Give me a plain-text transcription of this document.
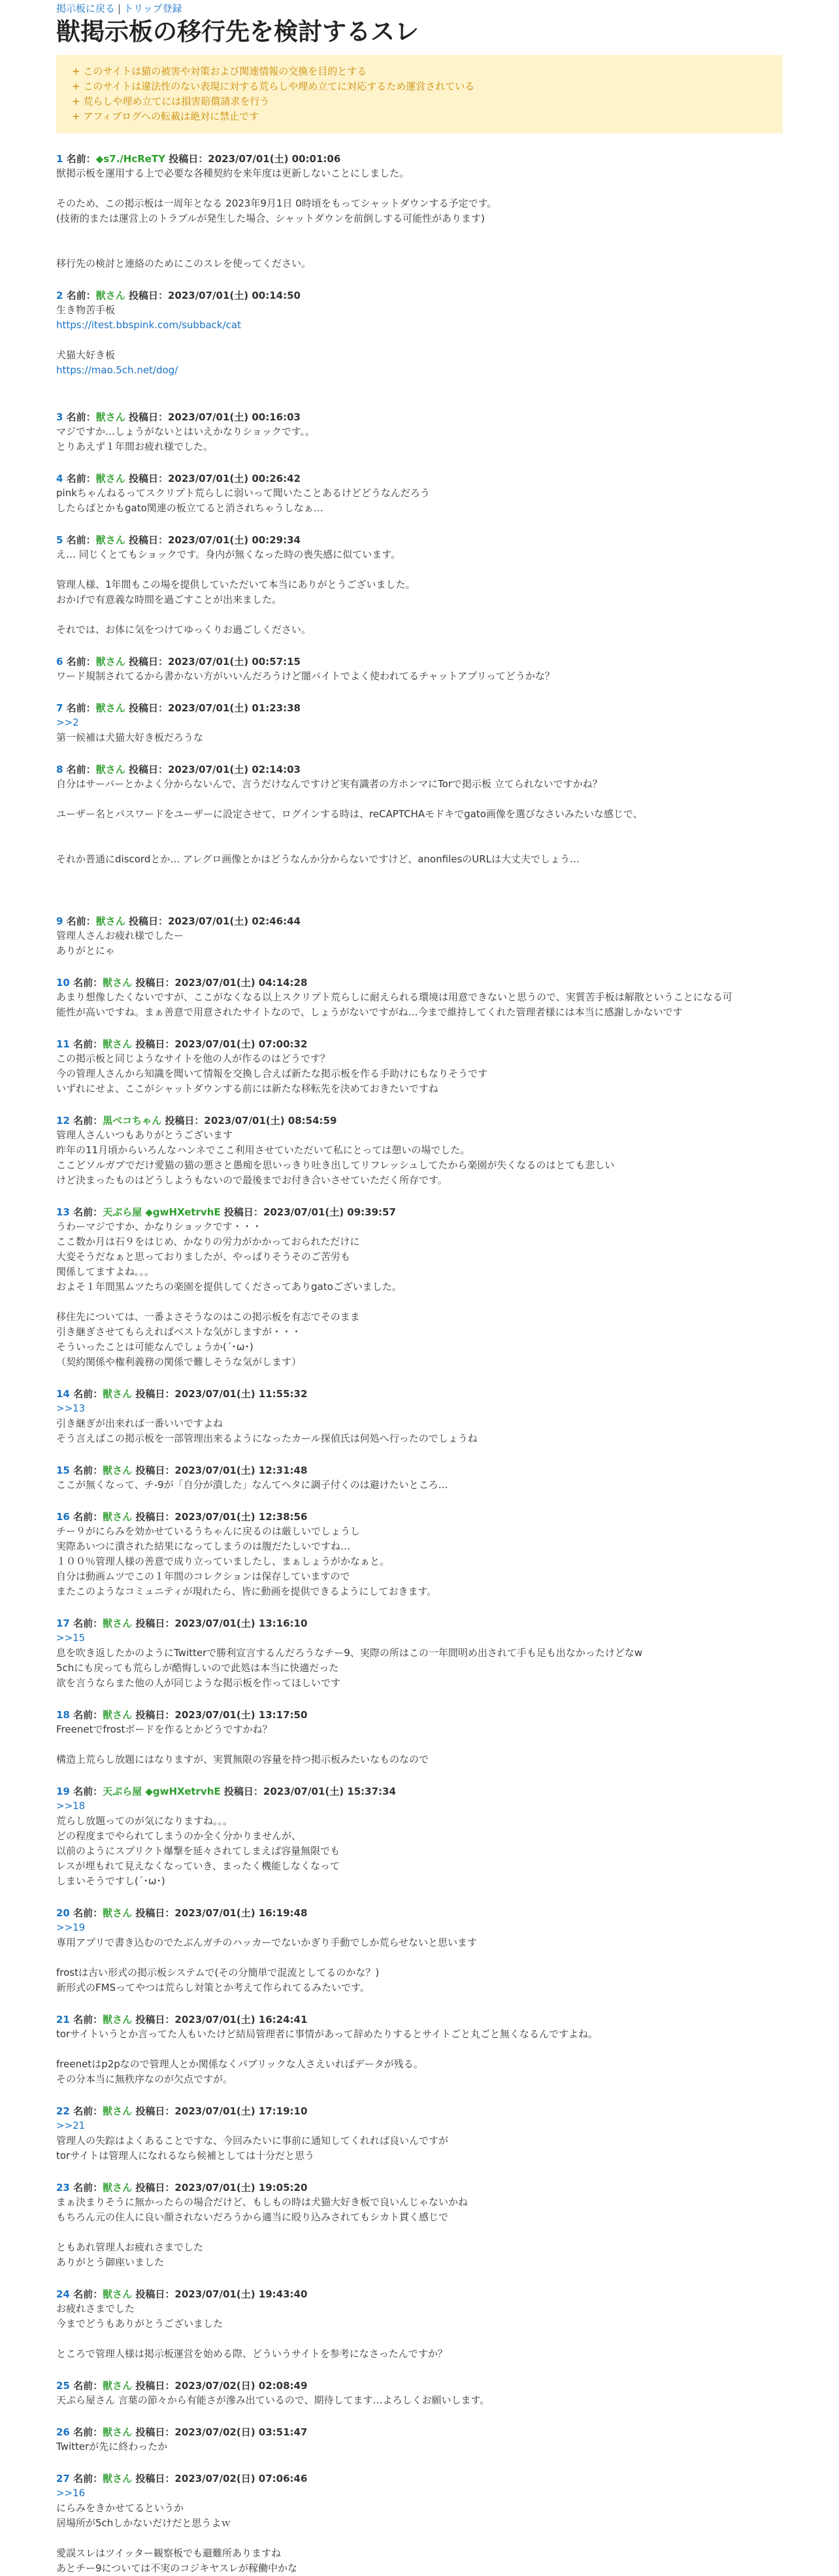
掲示板に戻る | トリップ登録
獣掲示板の移行先を検討するスレ
+ このサイトは猫の被害や対策および関連情報の交換を目的とする
+ このサイトは違法性のない表現に対する荒らしや埋め立てに対応するため運営されている
+ 荒らしや埋め立てには損害賠償請求を行う
+ アフィブログへの転載は絶対に禁止です
1 名前：◆s7./HcReTY 投稿日：2023/07/01(土) 00:01:06
獣掲示板を運用する上で必要な各種契約を来年度は更新しないことにしました。
そのため、この掲示板は一周年となる 2023年9月1日 0時頃をもってシャットダウンする予定です。
(技術的または運営上のトラブルが発生した場合、シャットダウンを前倒しする可能性があります)
移行先の検討と連絡のためにこのスレを使ってください。
2 名前：獣さん 投稿日：2023/07/01(土) 00:14:50
生き物苦手板
https://itest.bbspink.com/subback/cat
犬猫大好き板
https://mao.5ch.net/dog/
3 名前：獣さん 投稿日：2023/07/01(土) 00:16:03
マジですか…しょうがないとはいえかなりショックです。。
とりあえず１年間お疲れ様でした。
4 名前：獣さん 投稿日：2023/07/01(土) 00:26:42
pinkちゃんねるってスクリプト荒らしに弱いって聞いたことあるけどどうなんだろう
したらばとかもgato関連の板立てると消されちゃうしなぁ…
5 名前：獣さん 投稿日：2023/07/01(土) 00:29:34
え… 同じくとてもショックです。身内が無くなった時の喪失感に似ています。
管理人様、1年間もこの場を提供していただいて本当にありがとうございました。
おかげで有意義な時間を過ごすことが出来ました。
それでは、お体に気をつけてゆっくりお過ごしください。
6 名前：獣さん 投稿日：2023/07/01(土) 00:57:15
ワード規制されてるから書かない方がいいんだろうけど闇バイトでよく使われてるチャットアプリってどうかな？
7 名前：獣さん 投稿日：2023/07/01(土) 01:23:38
>>2
第一候補は犬猫大好き板だろうな
8 名前：獣さん 投稿日：2023/07/01(土) 02:14:03
自分はサーバーとかよく分からないんで、言うだけなんですけど実有識者の方ホンマにTorで掲示板 立てられないですかね？
ユーザー名とパスワードをユーザーに設定させて、ログインする時は、reCAPTCHAモドキでgato画像を選びなさいみたいな感じで、
それか普通にdiscordとか… アレグロ画像とかはどうなんか分からないですけど、anonfilesのURLは大丈夫でしょう…
9 名前：獣さん 投稿日：2023/07/01(土) 02:46:44
管理人さんお疲れ様でしたー
ありがとにゃ
10 名前：獣さん 投稿日：2023/07/01(土) 04:14:28
あまり想像したくないですが、ここがなくなる以上スクリプト荒らしに耐えられる環境は用意できないと思うので、実質苦手板は解散ということになる可
能性が高いですね。まぁ善意で用意されたサイトなので、しょうがないですがね…今まで維持してくれた管理者様には本当に感謝しかないです
11 名前：獣さん 投稿日：2023/07/01(土) 07:00:32
この掲示板と同じようなサイトを他の人が作るのはどうです？
今の管理人さんから知識を聞いて情報を交換し合えば新たな掲示板を作る手助けにもなりそうです
いずれにせよ、ここがシャットダウンする前には新たな移転先を決めておきたいですね
12 名前：黒ベコちゃん 投稿日：2023/07/01(土) 08:54:59
管理人さんいつもありがとうございます
昨年の11月頃からいろんなハンネでここ利用させていただいて私にとっては憩いの場でした。
ここどソルガブでだけ愛猫の猫の悪さと愚痴を思いっきり吐き出してリフレッシュしてたから楽園が失くなるのはとても悲しい
けど決まったものはどうしようもないので最後までお付き合いさせていただく所存です。
13 名前：天ぷら屋 ◆gwHXetrvhE 投稿日：2023/07/01(土) 09:39:57
うわーマジですか、かなりショックです・・・
ここ数か月は石９をはじめ、かなりの労力がかかっておられただけに
大変そうだなぁと思っておりましたが、やっぱりそうそのご苦労も
関係してますよね。。。
およそ１年間黒ムツたちの楽園を提供してくださってありgatoございました。
移住先については、一番よさそうなのはこの掲示板を有志でそのまま
引き継ぎさせてもらえればベストな気がしますが・・・
そういったことは可能なんでしょうか(´･ω･)
（契約関係や権利義務の関係で難しそうな気がします）
14 名前：獣さん 投稿日：2023/07/01(土) 11:55:32
>>13
引き継ぎが出来れば一番いいですよね
そう言えばこの掲示板を一部管理出来るようになったカール探偵氏は何処へ行ったのでしょうね
15 名前：獣さん 投稿日：2023/07/01(土) 12:31:48
ここが無くなって、チ-9が「自分が潰した」なんてヘタに調子付くのは避けたいところ…
16 名前：獣さん 投稿日：2023/07/01(土) 12:38:56
チー９がにらみを効かせているうちゃんに戻るのは厳しいでしょうし
実際あいつに潰された結果になってしまうのは腹だたしいですね…
１００％管理人様の善意で成り立っていましたし、まぁしょうがかなぁと。
自分は動画ムツでこの１年間のコレクションは保存していますので
またこのようなコミュニティが現れたら、皆に動画を提供できるようにしておきます。
17 名前：獣さん 投稿日：2023/07/01(土) 13:16:10
>>15
息を吹き返したかのようにTwitterで勝利宣言するんだろうなチー9、実際の所はこの一年間明め出されて手も足も出なかったけどなw
5chにも戻っても荒らしが酷悔しいので此処は本当に快適だった
欲を言うならまた他の人が同じような掲示板を作ってほしいです
18 名前：獣さん 投稿日：2023/07/01(土) 13:17:50
Freenetでfrostボードを作るとかどうですかね？
構造上荒らし放題にはなりますが、実質無限の容量を持つ掲示板みたいなものなので
19 名前：天ぷら屋 ◆gwHXetrvhE 投稿日：2023/07/01(土) 15:37:34
>>18
荒らし放題ってのが気になりますね。。。
どの程度までやられてしまうのか全く分かりませんが、
以前のようにスプリクト爆撃を延々されてしまえば容量無限でも
レスが埋もれて見えなくなっていき、まったく機能しなくなって
しまいそうですし(´･ω･)
20 名前：獣さん 投稿日：2023/07/01(土) 16:19:48
>>19
専用アプリで書き込むのでたぶんガチのハッカーでないかぎり手動でしか荒らせないと思います
frostは古い形式の掲示板システムで(その分簡単で混流としてるのかな？)
新形式のFMSってやつは荒らし対策とか考えて作られてるみたいです。
21 名前：獣さん 投稿日：2023/07/01(土) 16:24:41
torサイトいうとか言ってた人もいたけど結局管理者に事情があって辞めたりするとサイトごと丸ごと無くなるんですよね。
freenetはp2pなので管理人とか関係なくパブリックな人さえいればデータが残る。
その分本当に無秩序なのが欠点ですが。
22 名前：獣さん 投稿日：2023/07/01(土) 17:19:10
>>21
管理人の失踪はよくあることですな、今回みたいに事前に通知してくれれば良いんですが
torサイトは管理人になれるなら候補としては十分だと思う
23 名前：獣さん 投稿日：2023/07/01(土) 19:05:20
まぁ決まりそうに無かったらの場合だけど、もしもの時は犬猫大好き板で良いんじゃないかね
もちろん元の住人に良い顔されないだろうから適当に殴り込みされてもシカト貫く感じで
ともあれ管理人お疲れさまでした
ありがとう御座いました
24 名前：獣さん 投稿日：2023/07/01(土) 19:43:40
お疲れさまでした
今までどうもありがとうございました
ところで管理人様は掲示板運営を始める際、どういうサイトを参考になさったんですか？
25 名前：獣さん 投稿日：2023/07/02(日) 02:08:49
天ぷら屋さん 言葉の節々から有能さが滲み出ているので、期待してます…よろしくお願いします。
26 名前：獣さん 投稿日：2023/07/02(日) 03:51:47
Twitterが先に終わったか
27 名前：獣さん 投稿日：2023/07/02(日) 07:06:46
>>16
にらみをきかせてるというか
居場所が5chしかないだけだと思うよｗ
愛誤スレはツイッター観察板でも避難所ありますね
あとチー9については不実のコジキヤスレが稼働中かな
